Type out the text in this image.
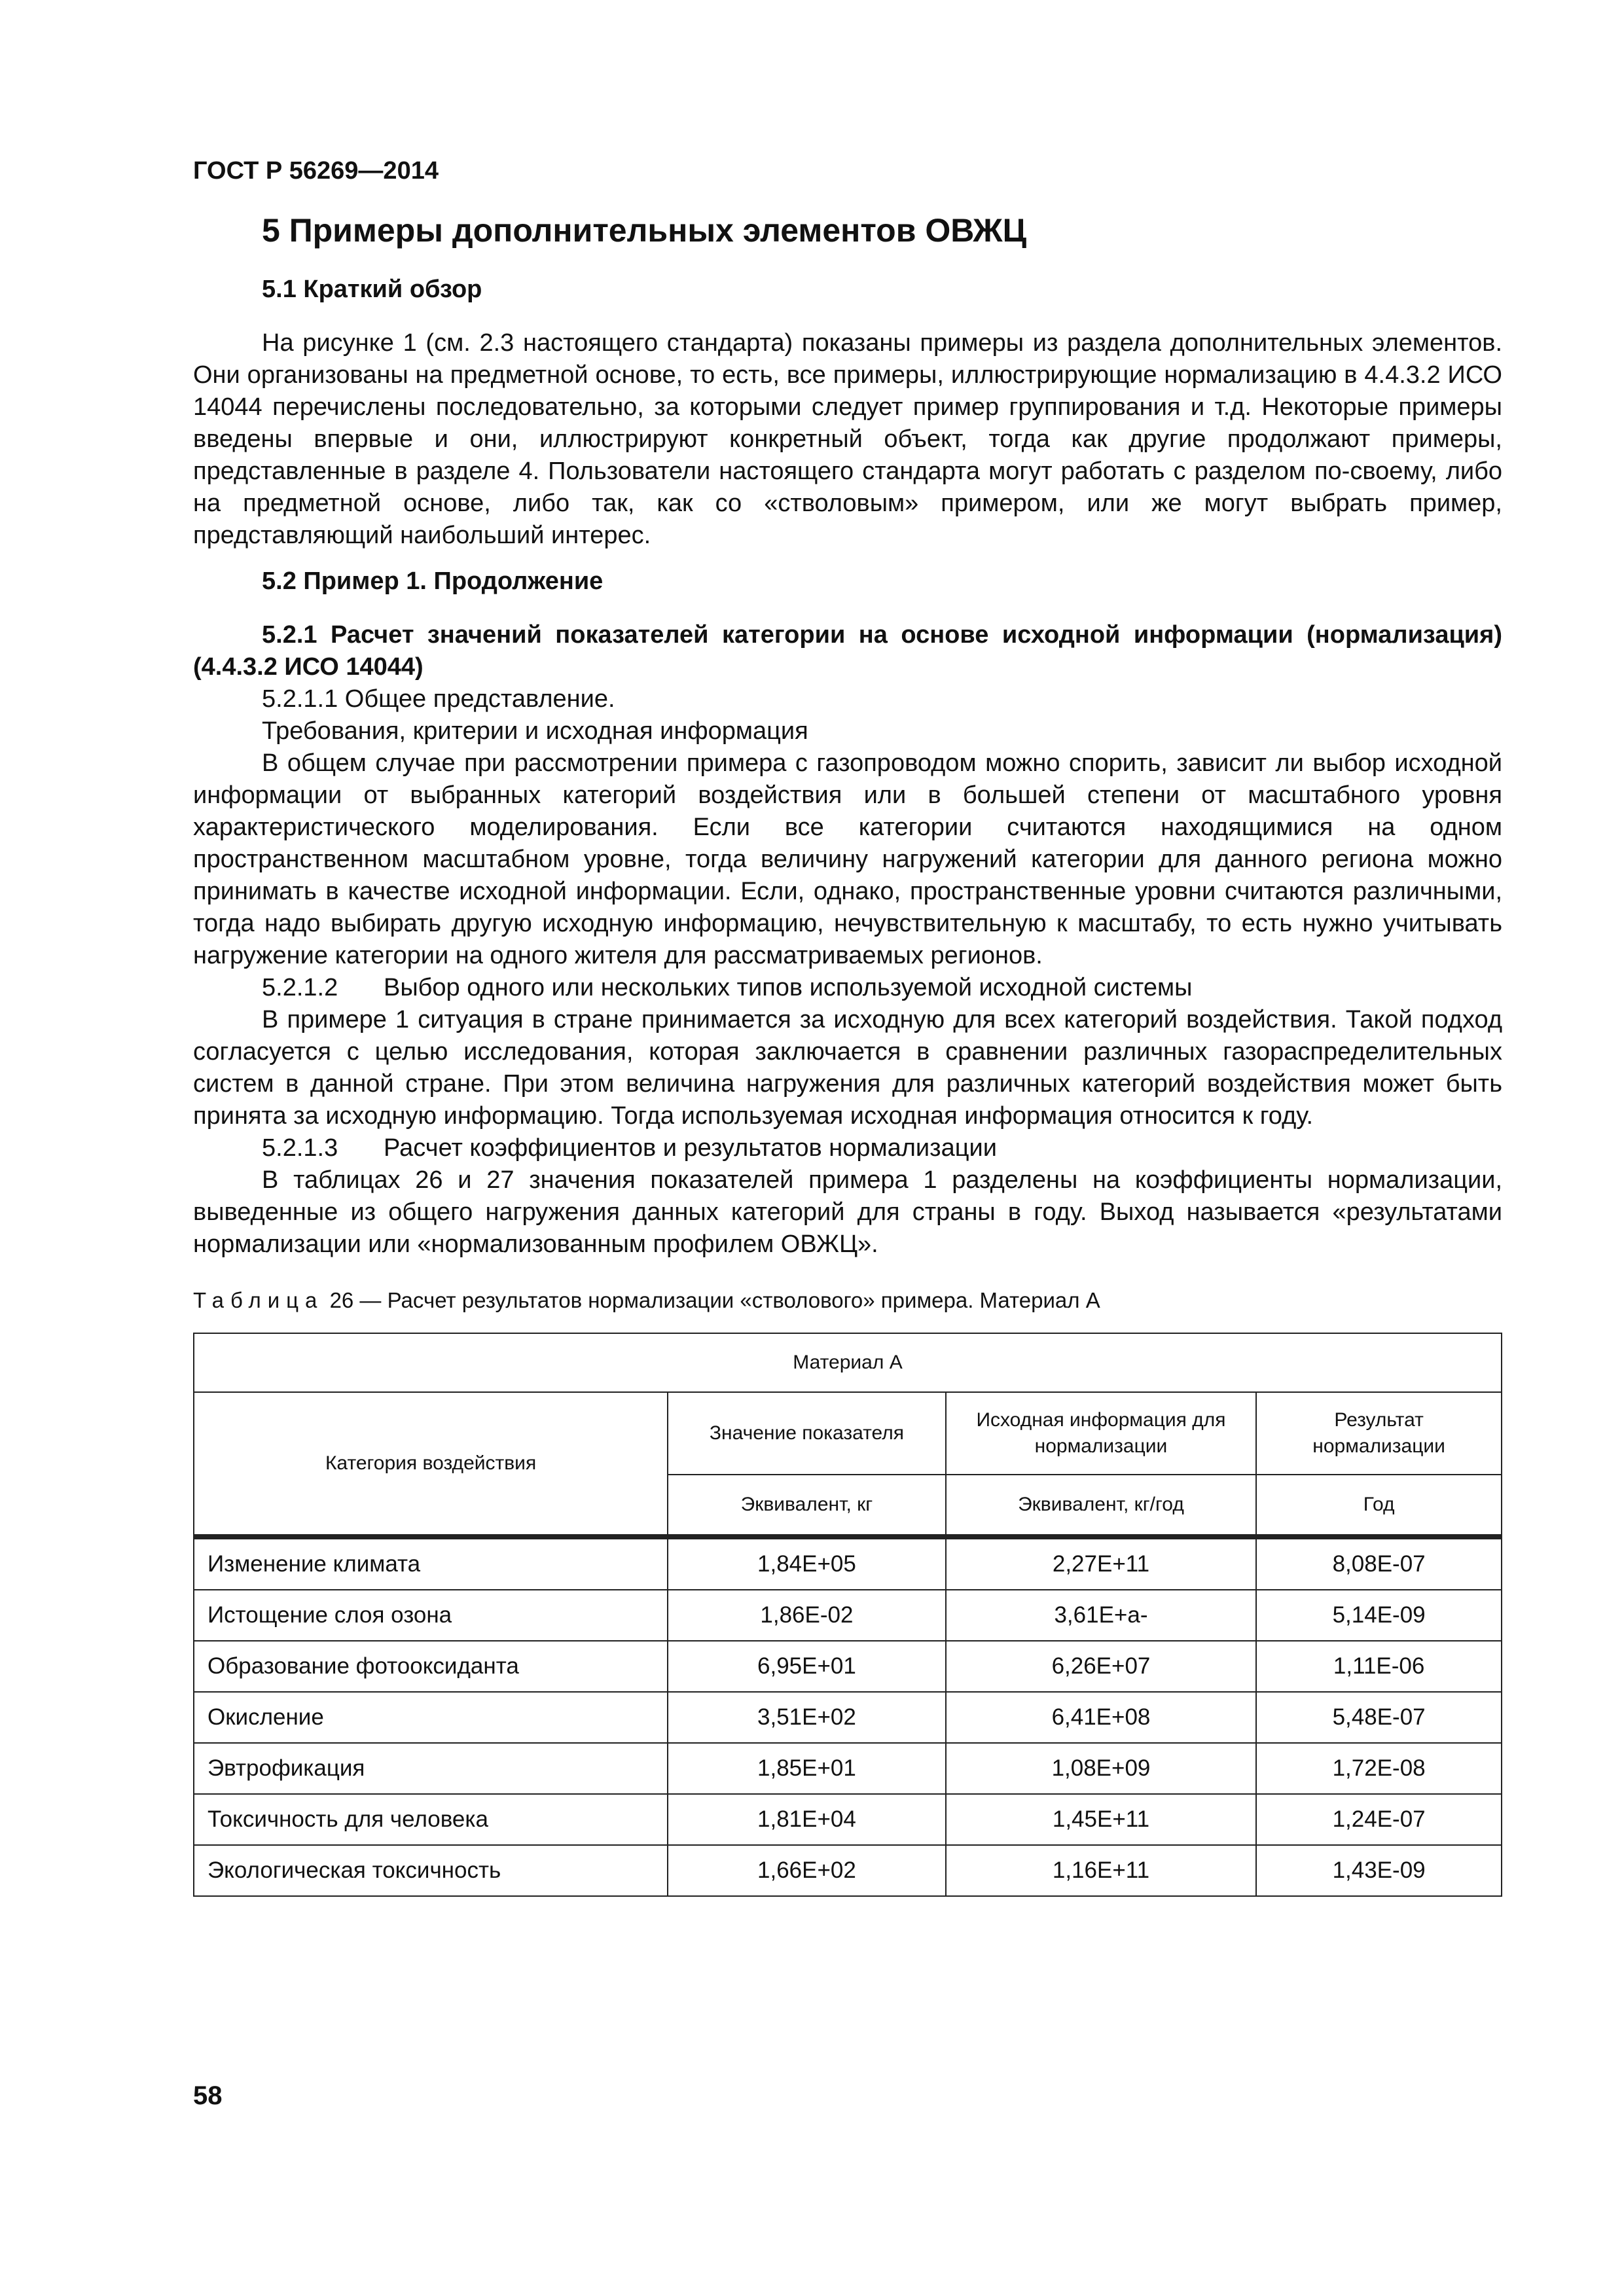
ГОСТ Р 56269—2014

5 Примеры дополнительных элементов ОВЖЦ

5.1 Краткий обзор

На рисунке 1 (см. 2.3 настоящего стандарта) показаны примеры из раздела дополнительных элементов. Они организованы на предметной основе, то есть, все примеры, иллюстрирующие нормализацию в 4.4.3.2 ИСО 14044 перечислены последовательно, за которыми следует пример группирования и т.д. Некоторые примеры введены впервые и они, иллюстрируют конкретный объект, тогда как другие продолжают примеры, представленные в разделе 4. Пользователи настоящего стандарта могут работать с разделом по-своему, либо на предметной основе, либо так, как со «стволовым» примером, или же могут выбрать пример, представляющий наибольший интерес.

5.2 Пример 1. Продолжение

5.2.1 Расчет значений показателей категории на основе исходной информации (нормализация) (4.4.3.2 ИСО 14044)

5.2.1.1 Общее представление.

Требования, критерии и исходная информация

В общем случае при рассмотрении примера с газопроводом можно спорить, зависит ли выбор исходной информации от выбранных категорий воздействия или в большей степени от масштабного уровня характеристического моделирования. Если все категории считаются находящимися на одном пространственном масштабном уровне, тогда величину нагружений категории для данного региона можно принимать в качестве исходной информации. Если, однако, пространственные уровни считаются различными, тогда надо выбирать другую исходную информацию, нечувствительную к масштабу, то есть нужно учитывать нагружение категории на одного жителя для рассматриваемых регионов.

5.2.1.2 Выбор одного или нескольких типов используемой исходной системы

В примере 1 ситуация в стране принимается за исходную для всех категорий воздействия. Такой подход согласуется с целью исследования, которая заключается в сравнении различных газораспределительных систем в данной стране. При этом величина нагружения для различных категорий воздействия может быть принята за исходную информацию. Тогда используемая исходная информация относится к году.

5.2.1.3 Расчет коэффициентов и результатов нормализации

В таблицах 26 и 27 значения показателей примера 1 разделены на коэффициенты нормализации, выведенные из общего нагружения данных категорий для страны в году. Выход называется «результатами нормализации или «нормализованным профилем ОВЖЦ».

Таблица 26 — Расчет результатов нормализации «стволового» примера. Материал А

Материал А			
Категория воздействия	Значение показателя	Исходная информация для нормализации	Результат нормализации
	Эквивалент, кг	Эквивалент, кг/год	Год
Изменение климата	1,84Е+05	2,27Е+11	8,08Е-07
Истощение слоя озона	1,86Е-02	3,61Е+а-	5,14Е-09
Образование фотооксиданта	6,95Е+01	6,26Е+07	1,11Е-06
Окисление	3,51Е+02	6,41Е+08	5,48Е-07
Эвтрофикация	1,85Е+01	1,08Е+09	1,72Е-08
Токсичность для человека	1,81Е+04	1,45Е+11	1,24Е-07
Экологическая токсичность	1,66Е+02	1,16Е+11	1,43Е-09
58
